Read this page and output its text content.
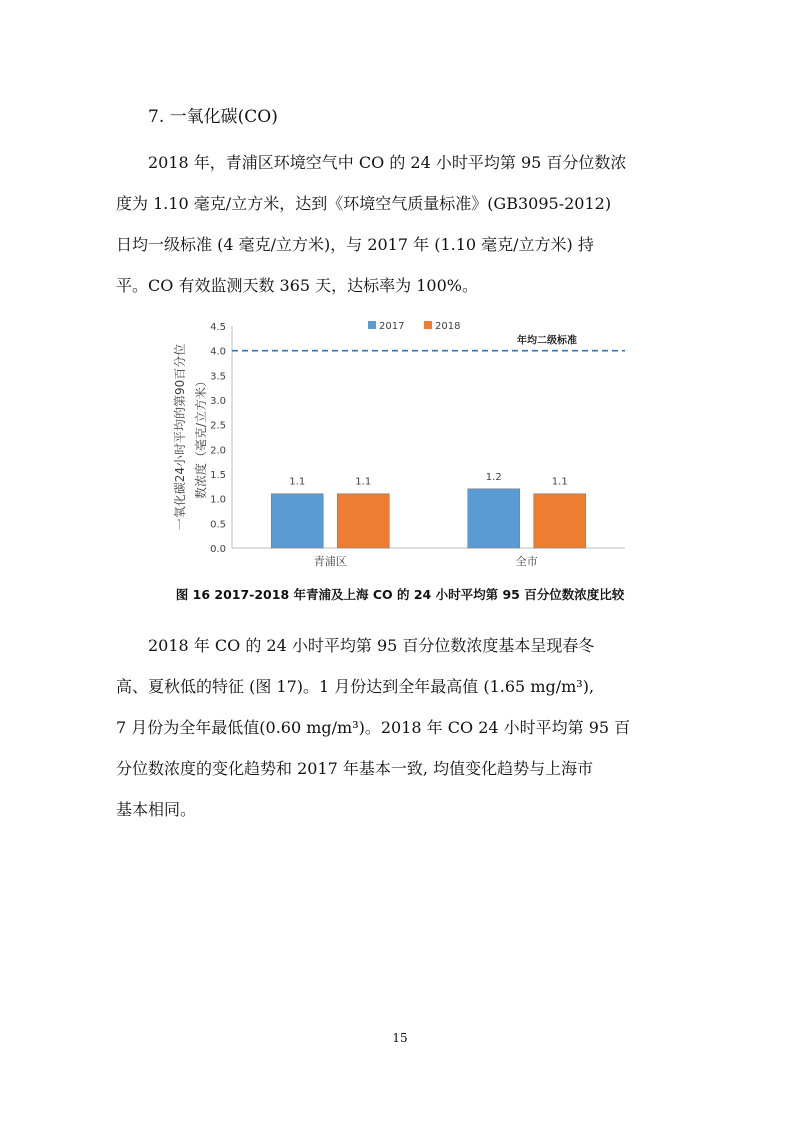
7. 一氧化碳(CO)
2018 年，青浦区环境空气中 CO 的 24 小时平均第 95 百分位数浓
度为 1.10 毫克/立方米，达到《环境空气质量标准》(GB3095-2012)
日均一级标准 (4 毫克/立方米)，与 2017 年 (1.10 毫克/立方米) 持
平。CO 有效监测天数 365 天，达标率为 100%。
0.0
0.5
1.0
1.5
2.0
2.5
3.0
3.5
4.0
4.5
一氧化碳24小时平均的第90百分位 数浓度（毫克/立方米）	1.1	1.1
青浦区
1.2	1.1
全市
年均二级标准
2017	2018
图 16 2017-2018 年青浦及上海 CO 的 24 小时平均第 95 百分位数浓度比较
2018 年 CO 的 24 小时平均第 95 百分位数浓度基本呈现春冬
高、夏秋低的特征 (图 17)。1 月份达到全年最高值 (1.65 mg/m³),
7 月份为全年最低值(0.60 mg/m³)。2018 年 CO 24 小时平均第 95 百
分位数浓度的变化趋势和 2017 年基本一致, 均值变化趋势与上海市
基本相同。
15
